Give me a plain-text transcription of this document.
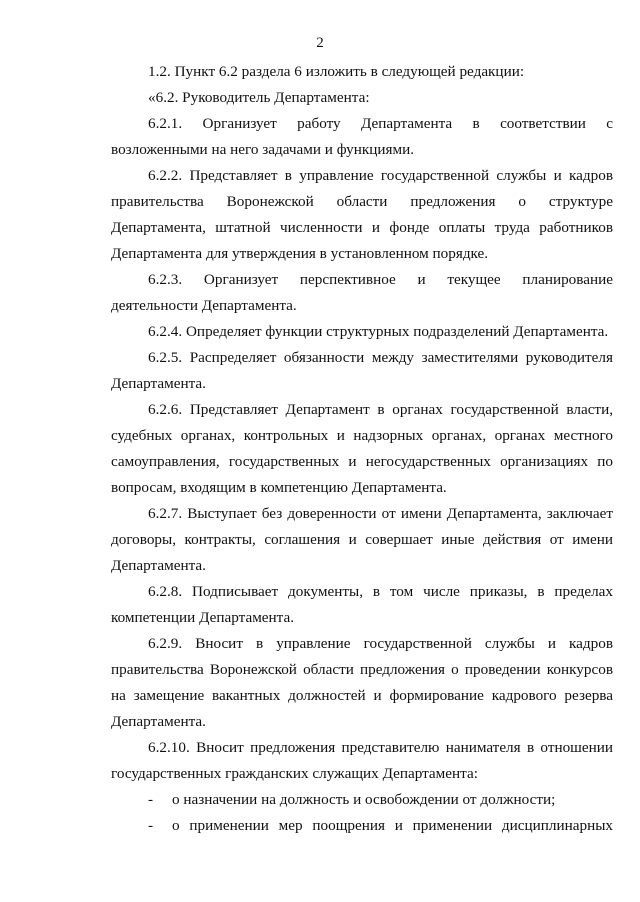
2

1.2. Пункт 6.2 раздела 6 изложить в следующей редакции:

«6.2. Руководитель Департамента:

6.2.1. Организует работу Департамента в соответствии с возложенными на него задачами и функциями.

6.2.2. Представляет в управление государственной службы и кадров правительства Воронежской области предложения о структуре Департамента, штатной численности и фонде оплаты труда работников Департамента для утверждения в установленном порядке.

6.2.3. Организует перспективное и текущее планирование деятельности Департамента.

6.2.4. Определяет функции структурных подразделений Департамента.

6.2.5. Распределяет обязанности между заместителями руководителя Департамента.

6.2.6. Представляет Департамент в органах государственной власти, судебных органах, контрольных и надзорных органах, органах местного самоуправления, государственных и негосударственных организациях по вопросам, входящим в компетенцию Департамента.

6.2.7. Выступает без доверенности от имени Департамента, заключает договоры, контракты, соглашения и совершает иные действия от имени Департамента.

6.2.8. Подписывает документы, в том числе приказы, в пределах компетенции Департамента.

6.2.9. Вносит в управление государственной службы и кадров правительства Воронежской области предложения о проведении конкурсов на замещение вакантных должностей и формирование кадрового резерва Департамента.

6.2.10. Вносит предложения представителю нанимателя в отношении государственных гражданских служащих Департамента:

-	о назначении на должность и освобождении от должности;

-	о применении мер поощрения и применении дисциплинарных
